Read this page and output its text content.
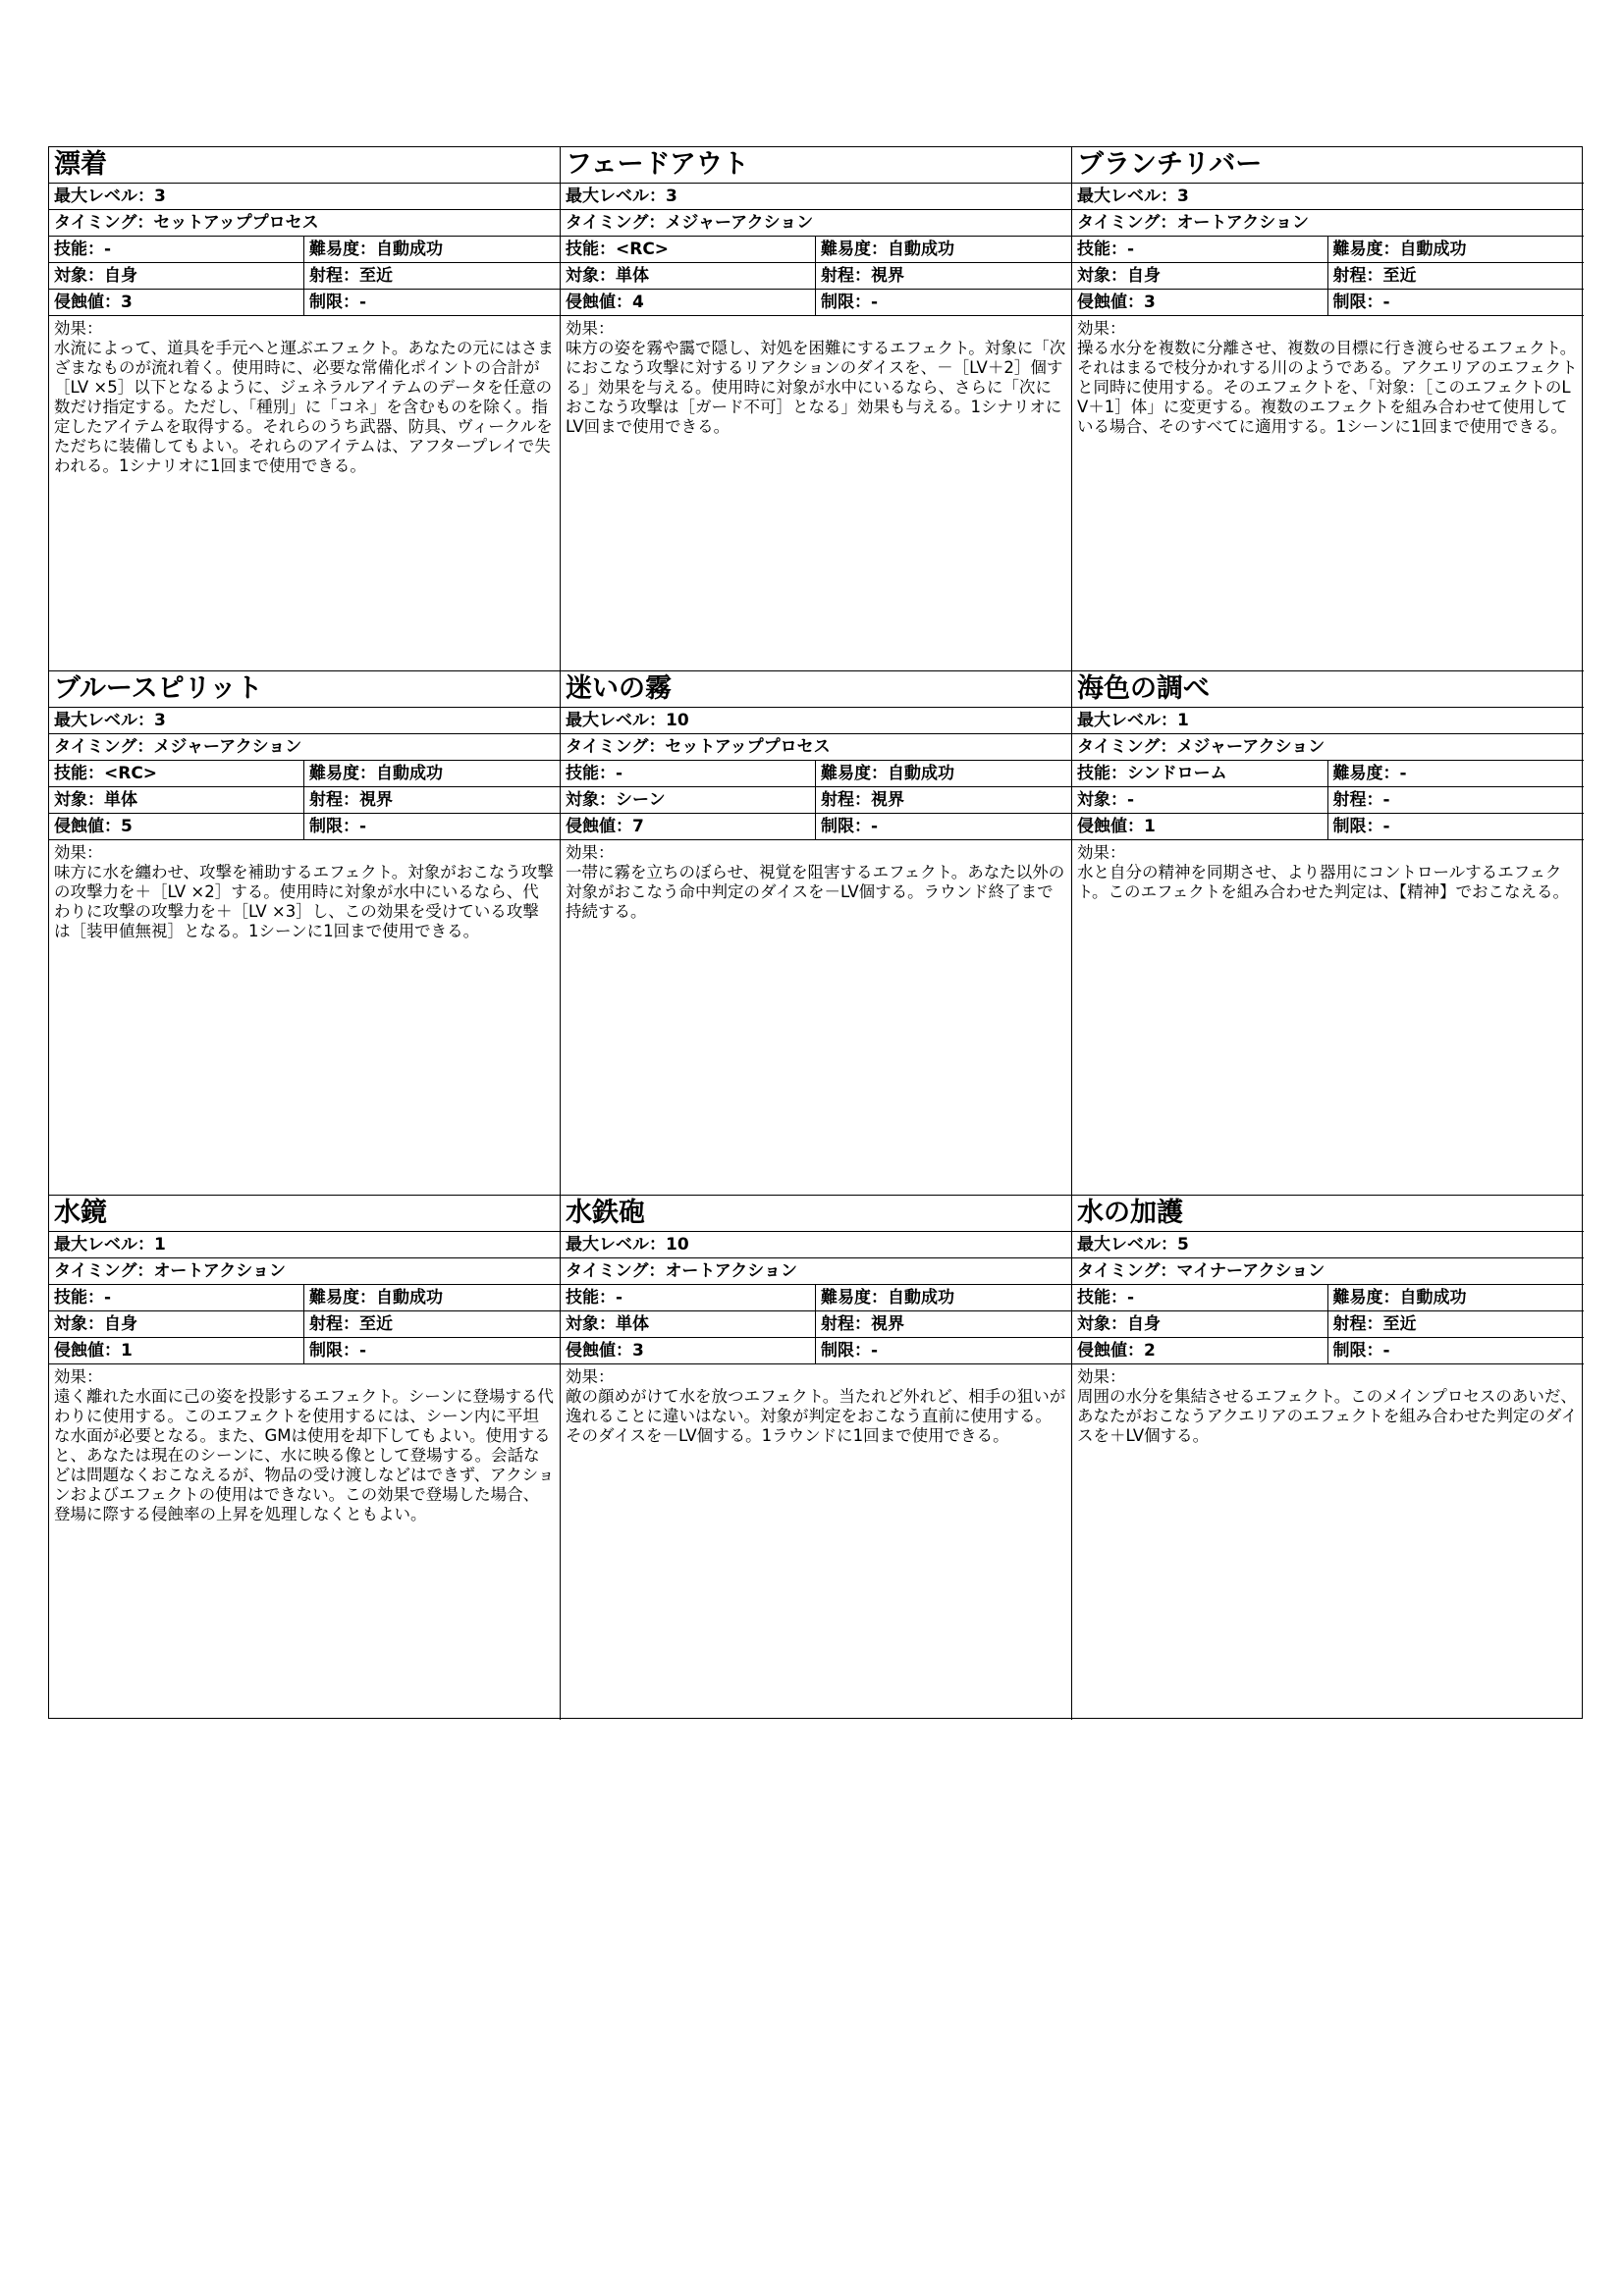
漂着
最大レベル：3
タイミング：セットアッププロセス
技能：-	難易度：自動成功
対象：自身	射程：至近
侵蝕値：3	制限：-
効果：
水流によって、道具を手元へと運ぶエフェクト。あなたの元にはさまざまなものが流れ着く。使用時に、必要な常備化ポイントの合計が［LV ×5］以下となるように、ジェネラルアイテムのデータを任意の数だけ指定する。ただし、「種別」に「コネ」を含むものを除く。指定したアイテムを取得する。それらのうち武器、防具、ヴィークルをただちに装備してもよい。それらのアイテムは、アフタープレイで失われる。1シナリオに1回まで使用できる。
フェードアウト
最大レベル：3
タイミング：メジャーアクション
技能：<RC>	難易度：自動成功
対象：単体	射程：視界
侵蝕値：4	制限：-
効果：
味方の姿を霧や靄で隠し、対処を困難にするエフェクト。対象に「次におこなう攻撃に対するリアクションのダイスを、－［LV＋2］個する」効果を与える。使用時に対象が水中にいるなら、さらに「次におこなう攻撃は［ガード不可］となる」効果も与える。1シナリオにLV回まで使用できる。
ブランチリバー
最大レベル：3
タイミング：オートアクション
技能：-	難易度：自動成功
対象：自身	射程：至近
侵蝕値：3	制限：-
効果：
操る水分を複数に分離させ、複数の目標に行き渡らせるエフェクト。それはまるで枝分かれする川のようである。アクエリアのエフェクトと同時に使用する。そのエフェクトを、「対象：［このエフェクトのLV＋1］体」に変更する。複数のエフェクトを組み合わせて使用している場合、そのすべてに適用する。1シーンに1回まで使用できる。
ブルースピリット
最大レベル：3
タイミング：メジャーアクション
技能：<RC>	難易度：自動成功
対象：単体	射程：視界
侵蝕値：5	制限：-
効果：
味方に水を纏わせ、攻撃を補助するエフェクト。対象がおこなう攻撃の攻撃力を＋［LV ×2］する。使用時に対象が水中にいるなら、代わりに攻撃の攻撃力を＋［LV ×3］し、この効果を受けている攻撃は［装甲値無視］となる。1シーンに1回まで使用できる。
迷いの霧
最大レベル：10
タイミング：セットアッププロセス
技能：-	難易度：自動成功
対象：シーン	射程：視界
侵蝕値：7	制限：-
効果：
一帯に霧を立ちのぼらせ、視覚を阻害するエフェクト。あなた以外の対象がおこなう命中判定のダイスを－LV個する。ラウンド終了まで持続する。
海色の調べ
最大レベル：1
タイミング：メジャーアクション
技能：シンドローム	難易度：-
対象：-	射程：-
侵蝕値：1	制限：-
効果：
水と自分の精神を同期させ、より器用にコントロールするエフェクト。このエフェクトを組み合わせた判定は、【精神】でおこなえる。
水鏡
最大レベル：1
タイミング：オートアクション
技能：-	難易度：自動成功
対象：自身	射程：至近
侵蝕値：1	制限：-
効果：
遠く離れた水面に己の姿を投影するエフェクト。シーンに登場する代わりに使用する。このエフェクトを使用するには、シーン内に平坦な水面が必要となる。また、GMは使用を却下してもよい。使用すると、あなたは現在のシーンに、水に映る像として登場する。会話などは問題なくおこなえるが、物品の受け渡しなどはできず、アクションおよびエフェクトの使用はできない。この効果で登場した場合、登場に際する侵蝕率の上昇を処理しなくともよい。
水鉄砲
最大レベル：10
タイミング：オートアクション
技能：-	難易度：自動成功
対象：単体	射程：視界
侵蝕値：3	制限：-
効果：
敵の顔めがけて水を放つエフェクト。当たれど外れど、相手の狙いが逸れることに違いはない。対象が判定をおこなう直前に使用する。そのダイスを－LV個する。1ラウンドに1回まで使用できる。
水の加護
最大レベル：5
タイミング：マイナーアクション
技能：-	難易度：自動成功
対象：自身	射程：至近
侵蝕値：2	制限：-
効果：
周囲の水分を集結させるエフェクト。このメインプロセスのあいだ、あなたがおこなうアクエリアのエフェクトを組み合わせた判定のダイスを＋LV個する。
